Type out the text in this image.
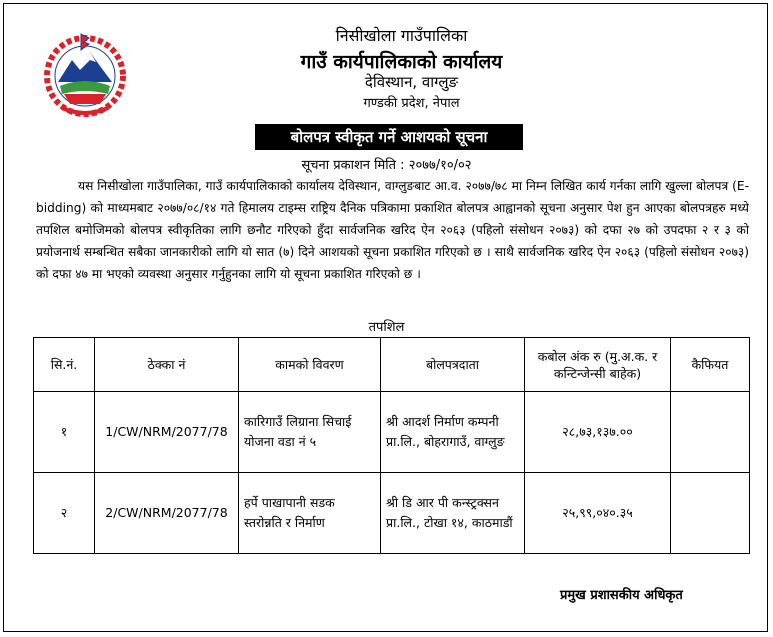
निसीखोला गाउँपालिका
गाउँ कार्यपालिकाको कार्यालय
देविस्थान, वाग्लुङ
गण्डकी प्रदेश, नेपाल
बोलपत्र स्वीकृत गर्ने आशयको सूचना
सूचना प्रकाशन मिति : २०७७/१०/०२
यस निसीखोला गाउँपालिका, गाउँ कार्यपालिकाको कार्यालय देविस्थान, वाग्लुङबाट आ.व. २०७७/७८ मा निम्न लिखित कार्य गर्नका लागि खुल्ला बोलपत्र (E-bidding) को माध्यमबाट २०७७/०८/१४ गते हिमालय टाइम्स राष्ट्रिय दैनिक पत्रिकामा प्रकाशित बोलपत्र आह्वानको सूचना अनुसार पेश हुन आएका बोलपत्रहरु मध्ये तपशिल बमोजिमको बोलपत्र स्वीकृतिका लागि छनौट गरिएको हुँदा सार्वजनिक खरिद ऐन २०६३ (पहिलो संसोधन २०७३) को दफा २७ को उपदफा २ र ३ को प्रयोजनार्थ सम्बन्धित सबैका जानकारीको लागि यो सात (७) दिने आशयको सूचना प्रकाशित गरिएको छ । साथै सार्वजनिक खरिद ऐन २०६३ (पहिलो संसोधन २०७३) को दफा ४७ मा भएको व्यवस्था अनुसार गर्नुहुनका लागि यो सूचना प्रकाशित गरिएको छ ।
तपशिल
सि.नं.	ठेक्का नं	कामको विवरण	बोलपत्रदाता	कबोल अंक रु (मु.अ.क. र कन्टिन्जेन्सी बाहेक)	कैफियत
१	1/CW/NRM/2077/78	कारिगाउँ लिग्राना सिचाई योजना वडा नं ५	श्री आदर्श निर्माण कम्पनी प्रा.लि., बोहरागाउँ, वाग्लुङ	२८,७३,१३७.००	
२	2/CW/NRM/2077/78	हर्पे पाखापानी सडक स्तरोन्नति र निर्माण	श्री डि आर पी कन्स्ट्रक्सन प्रा.लि., टोखा १४, काठमाडौं	२५,९९,०४०.३५	
प्रमुख प्रशासकीय अधिकृत
